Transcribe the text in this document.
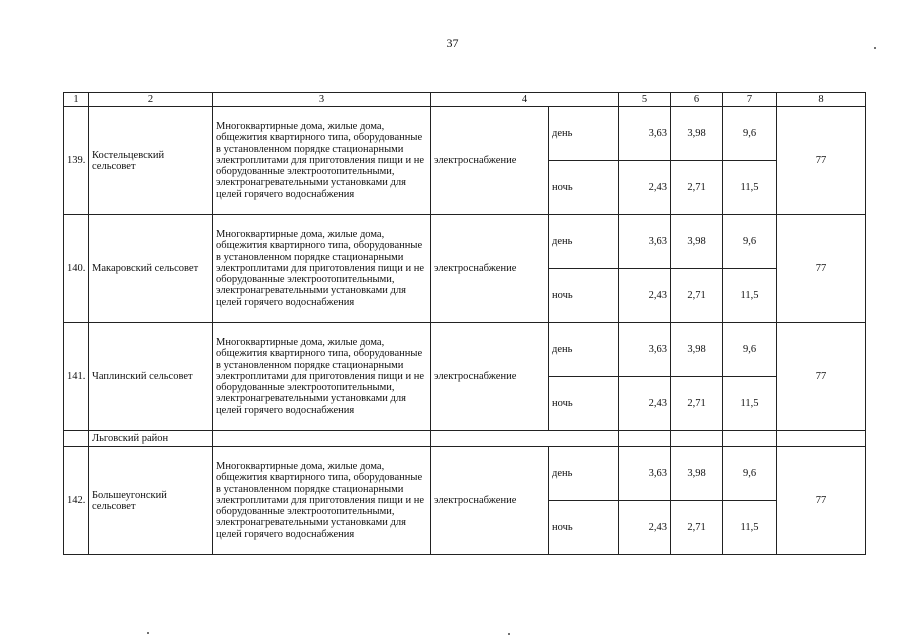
37
1	2	3	4		5	6	7	8
139.	Костельцевский сельсовет	Многоквартирные дома, жилые дома, общежития квартирного типа, оборудованные в установленном порядке стационарными электроплитами для приготовления пищи и не оборудованные электроотопительными, электронагревательными установками для целей горячего водоснабжения	электроснабжение	день	3,63	3,98	9,6	77
				ночь	2,43	2,71	11,5	
140.	Макаровский сельсовет	Многоквартирные дома, жилые дома, общежития квартирного типа, оборудованные в установленном порядке стационарными электроплитами для приготовления пищи и не оборудованные электроотопительными, электронагревательными установками для целей горячего водоснабжения	электроснабжение	день	3,63	3,98	9,6	77
				ночь	2,43	2,71	11,5	
141.	Чаплинский сельсовет	Многоквартирные дома, жилые дома, общежития квартирного типа, оборудованные в установленном порядке стационарными электроплитами для приготовления пищи и не оборудованные электроотопительными, электронагревательными установками для целей горячего водоснабжения	электроснабжение	день	3,63	3,98	9,6	77
				ночь	2,43	2,71	11,5	
	Льговский район							
142.	Большеугонский сельсовет	Многоквартирные дома, жилые дома, общежития квартирного типа, оборудованные в установленном порядке стационарными электроплитами для приготовления пищи и не оборудованные электроотопительными, электронагревательными установками для целей горячего водоснабжения	электроснабжение	день	3,63	3,98	9,6	77
				ночь	2,43	2,71	11,5	
